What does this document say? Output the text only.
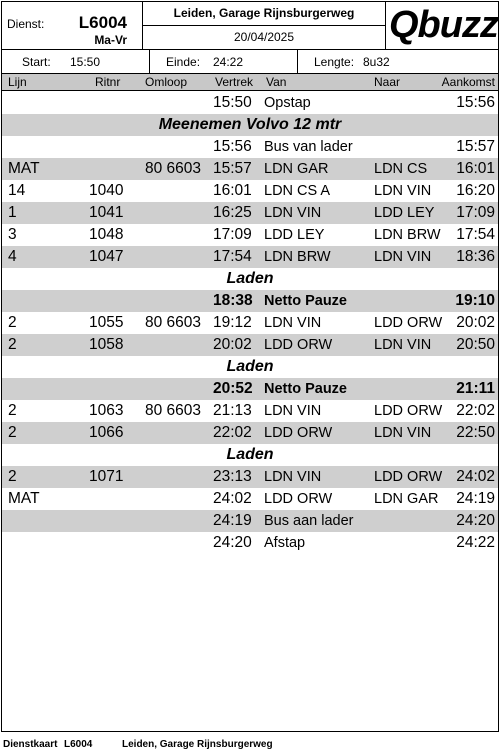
Dienst: L6004
Ma-Vr
Leiden, Garage Rijnsburgerweg
20/04/2025	Qbuzz
Start: 15:50	Einde: 24:22	Lengte: 8u32
Lijn	Ritnr Omloop Vertrek Van	Naar	Aankomst
15:50 Opstap	15:56
Meenemen Volvo 12 mtr
15:56 Bus van lader	15:57
MAT	80 6603 15:57 LDN GAR	LDN CS 16:01
14	1040	16:01 LDN CS A	LDN VIN 16:20
1	1041	16:25 LDN VIN	LDD LEY 17:09
3	1048	17:09 LDD LEY	LDN BRW 17:54
4	1047	17:54 LDN BRW	LDN VIN 18:36
Laden
18:38 Netto Pauze	19:10
2	1055 80 6603 19:12 LDN VIN	LDD ORW 20:02
2	1058	20:02 LDD ORW	LDN VIN 20:50
Laden
20:52 Netto Pauze	21:11
2	1063 80 6603 21:13 LDN VIN	LDD ORW 22:02
2	1066	22:02 LDD ORW	LDN VIN 22:50
Laden
2	1071	23:13 LDN VIN	LDD ORW 24:02
MAT	24:02 LDD ORW	LDN GAR 24:19
24:19 Bus aan lader	24:20
24:20 Afstap	24:22
Dienstkaart L6004	Leiden, Garage Rijnsburgerweg
